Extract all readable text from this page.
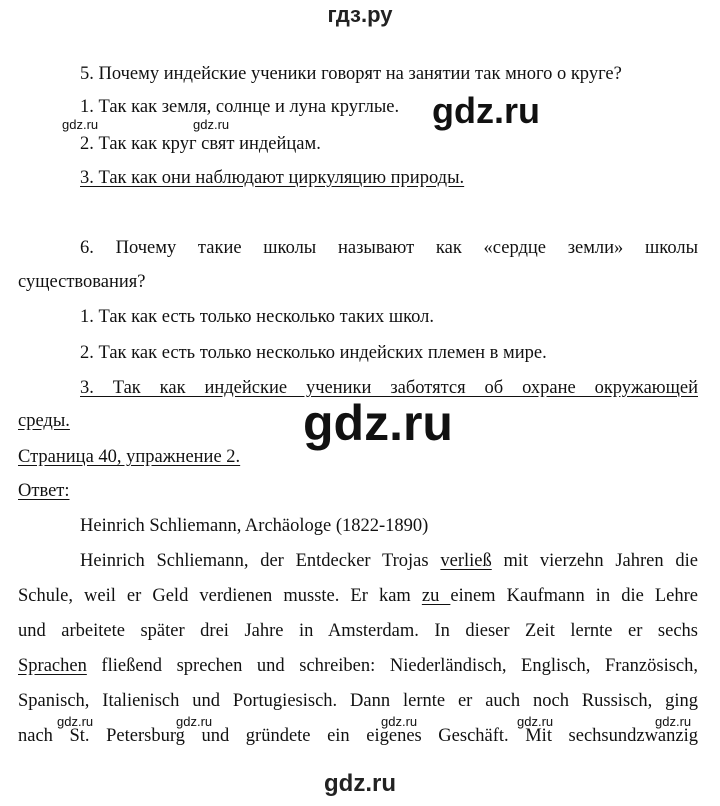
гдз.ру
5. Почему индейские ученики говорят на занятии так много о круге?
1. Так как земля, солнце и луна круглые.
2. Так как круг свят индейцам.
3. Так как они наблюдают циркуляцию природы.
6. Почему такие школы называют как «сердце земли» школы
существования?
1. Так как есть только несколько таких школ.
2. Так как есть только несколько индейских племен в мире.
3. Так как индейские ученики заботятся об охране окружающей
среды.
Страница 40, упражнение 2.
Ответ:
Heinrich Schliemann, Archäologe (1822-1890)
Heinrich Schliemann, der Entdecker Trojas verließ mit vierzehn Jahren die
Schule, weil er Geld verdienen musste. Er kam zu einem Kaufmann in die Lehre
und arbeitete später drei Jahre in Amsterdam. In dieser Zeit lernte er sechs
Sprachen fließend sprechen und schreiben: Niederländisch, Englisch, Französisch,
Spanisch, Italienisch und Portugiesisch. Dann lernte er auch noch Russisch, ging
nach St. Petersburg und gründete ein eigenes Geschäft. Mit sechsundzwanzig
gdz.ru
gdz.ru	gdz.ru
gdz.ru
gdz.ru	gdz.ru	gdz.ru	gdz.ru	gdz.ru
gdz.ru
